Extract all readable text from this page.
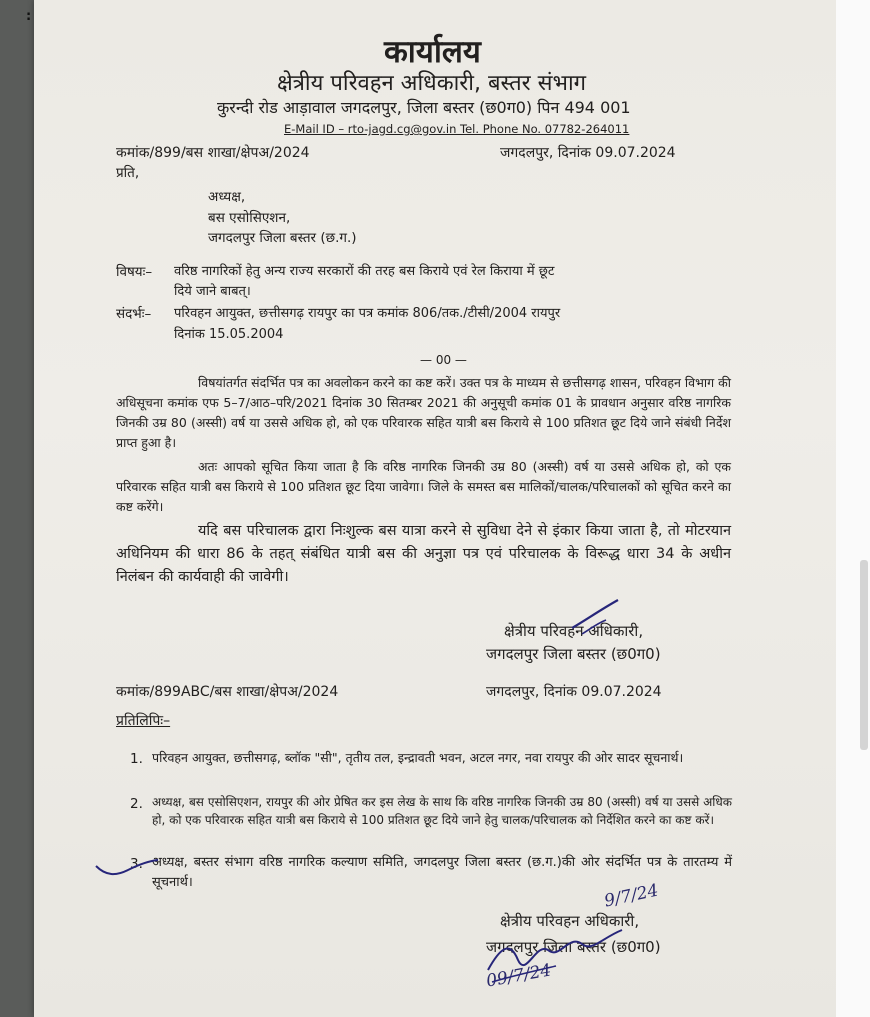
कार्यालय
क्षेत्रीय परिवहन अधिकारी, बस्तर संभाग
कुरन्दी रोड आड़ावाल जगदलपुर, जिला बस्तर (छ0ग0) पिन 494 001
E-Mail ID – rto-jagd.cg@gov.in Tel. Phone No. 07782-264011
कमांक/899/बस शाखा/क्षेपअ/2024	जगदलपुर, दिनांक 09.07.2024
प्रति,
अध्यक्ष,
बस एसोसिएशन,
जगदलपुर जिला बस्तर (छ.ग.)
विषयः– वरिष्ठ नागरिकों हेतु अन्य राज्य सरकारों की तरह बस किराये एवं रेल किराया में छूट
दिये जाने बाबत्।
संदर्भः– परिवहन आयुक्त, छत्तीसगढ़ रायपुर का पत्र कमांक 806/तक./टीसी/2004 रायपुर
दिनांक 15.05.2004
— 00 —
विषयांतर्गत संदर्भित पत्र का अवलोकन करने का कष्ट करें। उक्त पत्र के माध्यम से छत्तीसगढ़ शासन, परिवहन विभाग की अधिसूचना कमांक एफ 5–7/आठ–परि/2021 दिनांक 30 सितम्बर 2021 की अनुसूची कमांक 01 के प्रावधान अनुसार वरिष्ठ नागरिक जिनकी उम्र 80 (अस्सी) वर्ष या उससे अधिक हो, को एक परिवारक सहित यात्री बस किराये से 100 प्रतिशत छूट दिये जाने संबंधी निर्देश प्राप्त हुआ है।
अतः आपको सूचित किया जाता है कि वरिष्ठ नागरिक जिनकी उम्र 80 (अस्सी) वर्ष या उससे अधिक हो, को एक परिवारक सहित यात्री बस किराये से 100 प्रतिशत छूट दिया जावेगा। जिले के समस्त बस मालिकों/चालक/परिचालकों को सूचित करने का कष्ट करेंगे।
यदि बस परिचालक द्वारा निःशुल्क बस यात्रा करने से सुविधा देने से इंकार किया जाता है, तो मोटरयान अधिनियम की धारा 86 के तहत् संबंधित यात्री बस की अनुज्ञा पत्र एवं परिचालक के विरूद्ध धारा 34 के अधीन निलंबन की कार्यवाही की जावेगी।
क्षेत्रीय परिवहन अधिकारी,
जगदलपुर जिला बस्तर (छ0ग0)
कमांक/899ABC/बस शाखा/क्षेपअ/2024	जगदलपुर, दिनांक 09.07.2024
प्रतिलिपिः–
1. परिवहन आयुक्त, छत्तीसगढ़, ब्लॉक "सी", तृतीय तल, इन्द्रावती भवन, अटल नगर, नवा रायपुर की ओर सादर सूचनार्थ।
2. अध्यक्ष, बस एसोसिएशन, रायपुर की ओर प्रेषित कर इस लेख के साथ कि वरिष्ठ नागरिक जिनकी उम्र 80 (अस्सी) वर्ष या उससे अधिक हो, को एक परिवारक सहित यात्री बस किराये से 100 प्रतिशत छूट दिये जाने हेतु चालक/परिचालक को निर्देशित करने का कष्ट करें।
3. अध्यक्ष, बस्तर संभाग वरिष्ठ नागरिक कल्याण समिति, जगदलपुर जिला बस्तर (छ.ग.)की ओर संदर्भित पत्र के तारतम्य में सूचनार्थ।
क्षेत्रीय परिवहन अधिकारी,
जगदलपुर जिला बस्तर (छ0ग0)
9/7/24
09/7/24
:
